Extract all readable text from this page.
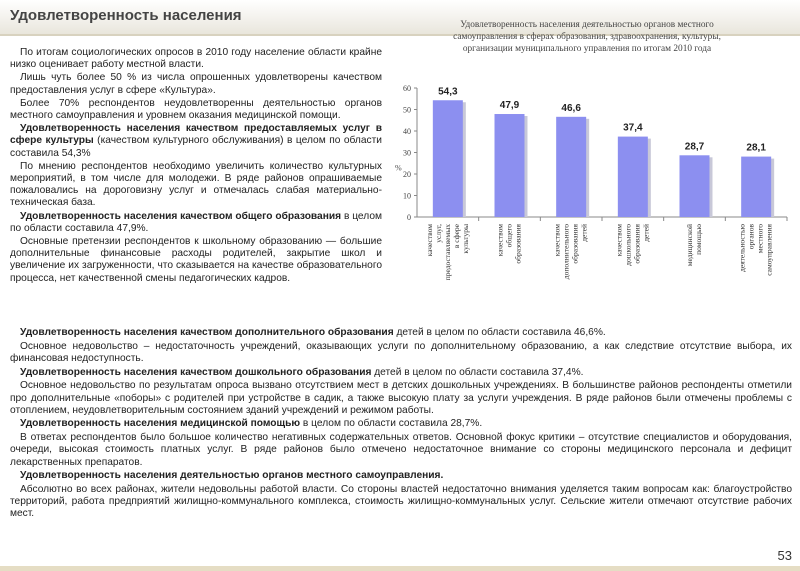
Удовлетворенность населения

По итогам социологических опросов в 2010 году население области крайне низко оценивает работу местной власти.

Лишь чуть более 50 % из числа опрошенных удовлетворены качеством предоставления услуг в сфере «Культура».

Более 70% респондентов неудовлетворенны деятельностью органов местного самоуправления и уровнем оказания медицинской помощи.

Удовлетворенность населения качеством предоставляемых услуг в сфере культуры (качеством культурного обслуживания) в целом по области составила 54,3%

По мнению респондентов необходимо увеличить количество культурных мероприятий, в том числе для молодежи. В ряде районов опрашиваемые пожаловались на дороговизну услуг и отмечалась слабая материально-техническая база.

Удовлетворенность населения качеством общего образования в целом по области составила 47,9%.

Основные претензии респондентов к школьному образованию — большие дополнительные финансовые расходы родителей, закрытие школ и увеличение их загруженности, что сказывается на качестве образовательного процесса, нет качественной смены педагогических кадров.

Удовлетворенность населения деятельностью органов местного самоуправления в сферах образования, здравоохранения, культуры, организации муниципального управления по итогам 2010 года
0
10
20
30
40
50
60
%
54,3
качествомуслуг,предоставляемыхв сферекультуры
47,9
качествомобщегообразования
46,6
качествомдополнительногообразованиядетей
37,4
качествомдошкольногообразованиядетей
28,7
медицинскойпомощью
28,1
деятельностьюоргановместногосамоуправления

Удовлетворенность населения качеством дополнительного образования детей в целом по области составила 46,6%.

Основное недовольство – недостаточность учреждений, оказывающих услуги по дополнительному образованию, а как следствие отсутствие выбора, их финансовая недоступность.

Удовлетворенность населения качеством дошкольного образования детей в целом по области составила 37,4%.

Основное недовольство по результатам опроса вызвано отсутствием мест в детских дошкольных учреждениях. В большинстве районов респонденты отметили про дополнительные «поборы» с родителей при устройстве в садик, а также высокую плату за услуги учреждения. В ряде районов были отмечены проблемы с отоплением, неудовлетворительным состоянием зданий учреждений и режимом работы.

Удовлетворенность населения медицинской помощью в целом по области составила 28,7%.

В ответах респондентов было большое количество негативных содержательных ответов. Основной фокус критики – отсутствие специалистов и оборудования, очереди, высокая стоимость платных услуг. В ряде районов было отмечено недостаточное внимание со стороны медицинского персонала и дефицит лекарственных препаратов.

Удовлетворенность населения деятельностью органов местного самоуправления.

Абсолютно во всех районах, жители недовольны работой власти. Со стороны властей недостаточно внимания уделяется таким вопросам как: благоустройство территорий, работа предприятий жилищно-коммунального комплекса, стоимость жилищно-коммунальных услуг. Сельские жители отмечают отсутствие рабочих мест.

53
